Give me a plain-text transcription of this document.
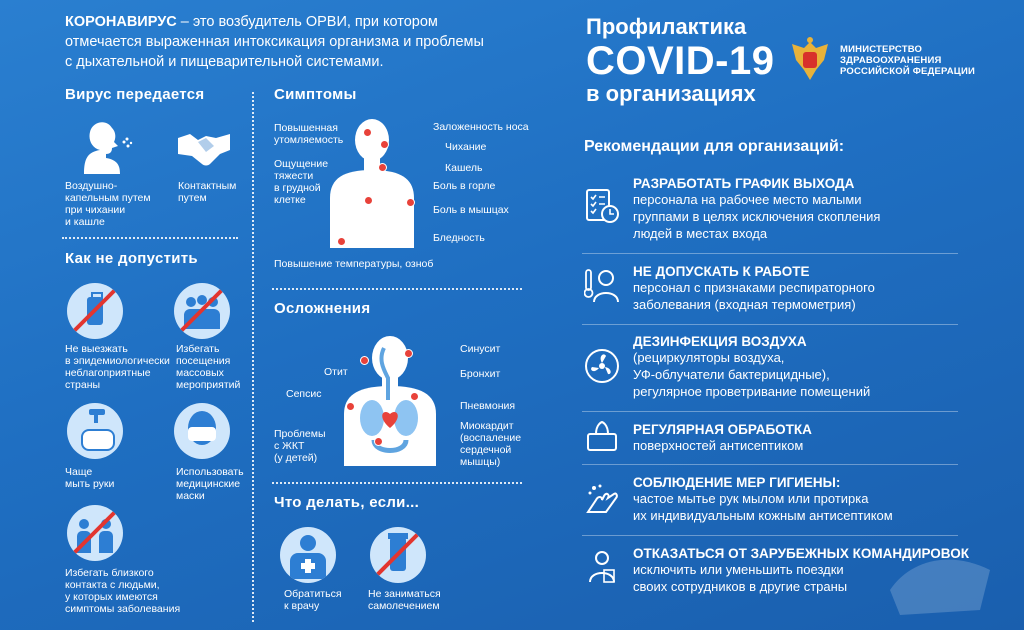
КОРОНАВИРУС – это возбудитель ОРВИ, при котором
отмечается выраженная интоксикация организма и проблемы
с дыхательной и пищеварительной системами.
Вирус передается
Воздушно-
капельным путем
при чихании
и кашле
Контактным
путем
Как не допустить
Не выезжать
в эпидемиологически
неблагоприятные
страны
Избегать
посещения
массовых
мероприятий
Чаще
мыть руки
Использовать
медицинские
маски
Избегать близкого
контакта с людьми,
у которых имеются
симптомы заболевания
Симптомы
Повышенная
утомляемость
Ощущение
тяжести
в грудной
клетке
Повышение температуры, озноб
Заложенность носа
Чихание
Кашель
Боль в горле
Боль в мышцах
Бледность
Осложнения
Отит
Сепсис
Проблемы
с ЖКТ
(у детей)
Синусит
Бронхит
Пневмония
Миокардит
(воспаление
сердечной
мышцы)
Что делать, если...
Обратиться
к врачу
Не заниматься
самолечением
Профилактика
COVID-19
в организациях
МИНИСТЕРСТВО
ЗДРАВООХРАНЕНИЯ
РОССИЙСКОЙ ФЕДЕРАЦИИ
Рекомендации для организаций:
РАЗРАБОТАТЬ ГРАФИК ВЫХОДА
персонала на рабочее место малыми
группами в целях исключения скопления
людей в местах входа
НЕ ДОПУСКАТЬ К РАБОТЕ
персонал с признаками респираторного
заболевания (входная термометрия)
ДЕЗИНФЕКЦИЯ ВОЗДУХА
(рециркуляторы воздуха,
УФ-облучатели бактерицидные),
регулярное проветривание помещений
РЕГУЛЯРНАЯ ОБРАБОТКА
поверхностей антисептиком
СОБЛЮДЕНИЕ МЕР ГИГИЕНЫ:
частое мытье рук мылом или протирка
их индивидуальным кожным антисептиком
ОТКАЗАТЬСЯ ОТ ЗАРУБЕЖНЫХ КОМАНДИРОВОК
исключить или уменьшить поездки
своих сотрудников в другие страны
